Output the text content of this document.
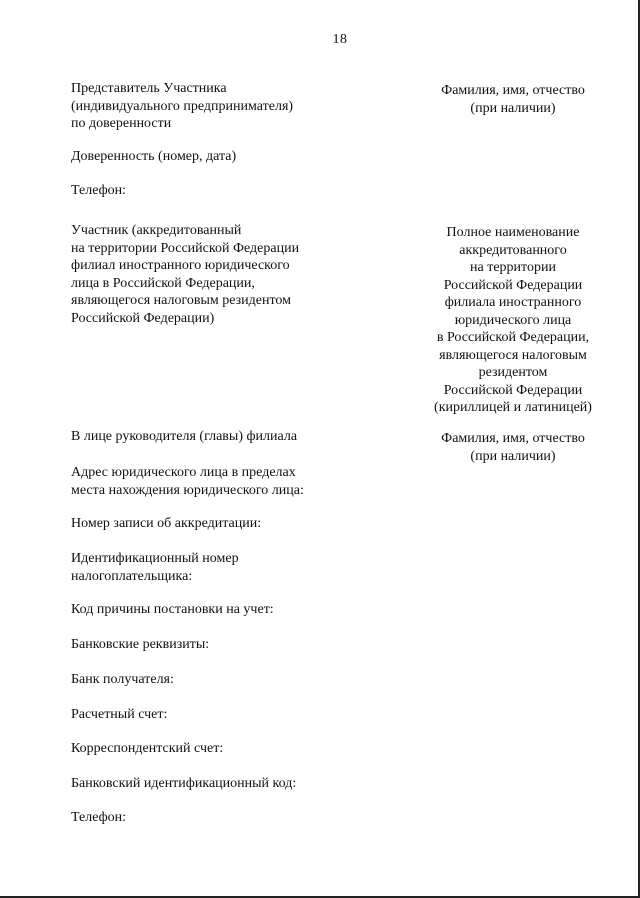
18
Представитель Участника
(индивидуального предпринимателя)
по доверенности
Фамилия, имя, отчество
(при наличии)
Доверенность (номер, дата)
Телефон:
Участник (аккредитованный
на территории Российской Федерации
филиал иностранного юридического
лица в Российской Федерации,
являющегося налоговым резидентом
Российской Федерации)
Полное наименование
аккредитованного
на территории
Российской Федерации
филиала иностранного
юридического лица
в Российской Федерации,
являющегося налоговым
резидентом
Российской Федерации
(кириллицей и латиницей)
В лице руководителя (главы) филиала	Фамилия, имя, отчество
(при наличии)
Адрес юридического лица в пределах
места нахождения юридического лица:
Номер записи об аккредитации:
Идентификационный номер
налогоплательщика:
Код причины постановки на учет:
Банковские реквизиты:
Банк получателя:
Расчетный счет:
Корреспондентский счет:
Банковский идентификационный код:
Телефон:
